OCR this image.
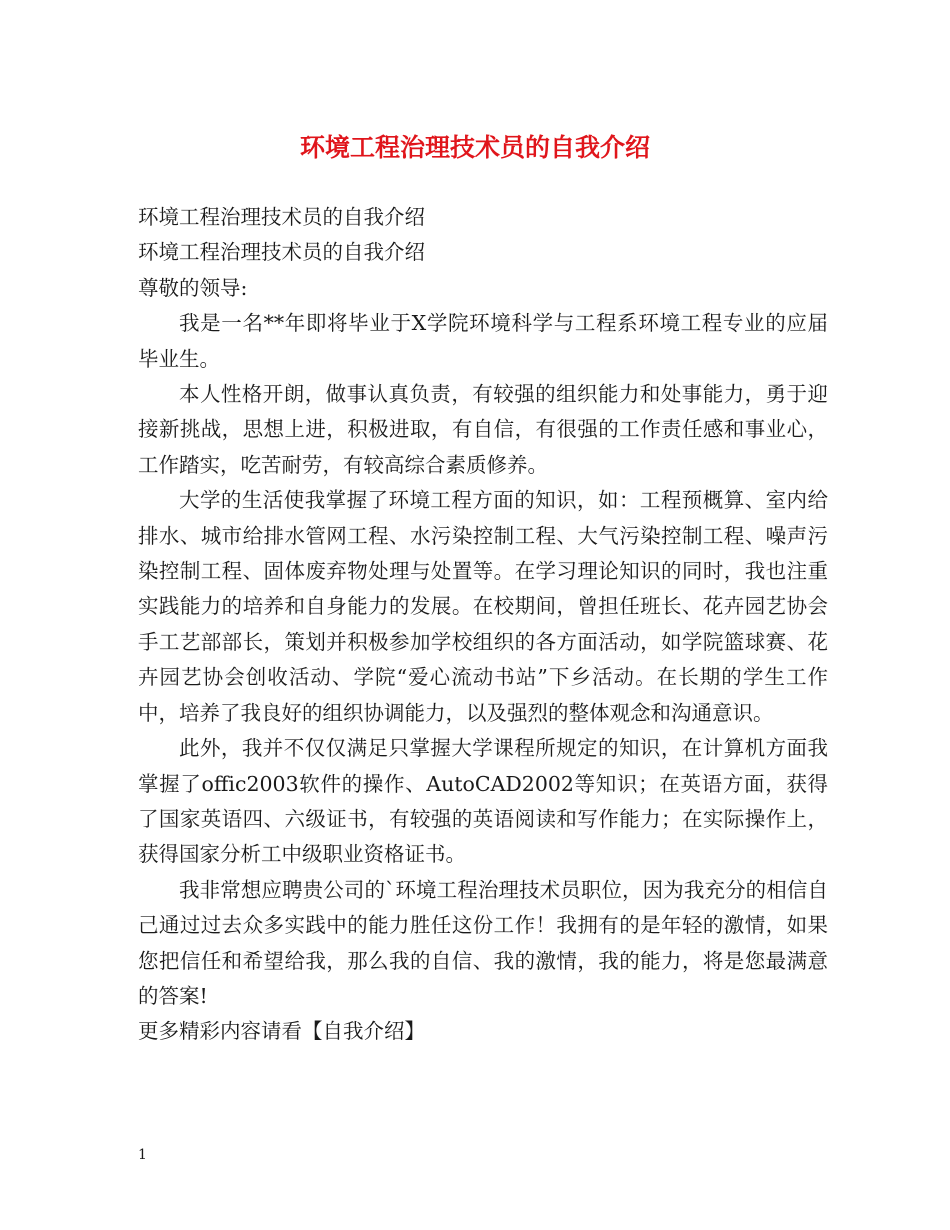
环境工程治理技术员的自我介绍

环境工程治理技术员的自我介绍

环境工程治理技术员的自我介绍

尊敬的领导:

我是一名**年即将毕业于X学院环境科学与工程系环境工程专业的应届毕业生。

本人性格开朗，做事认真负责，有较强的组织能力和处事能力，勇于迎接新挑战，思想上进，积极进取，有自信，有很强的工作责任感和事业心，工作踏实，吃苦耐劳，有较高综合素质修养。

大学的生活使我掌握了环境工程方面的知识，如：工程预概算、室内给排水、城市给排水管网工程、水污染控制工程、大气污染控制工程、噪声污染控制工程、固体废弃物处理与处置等。在学习理论知识的同时，我也注重实践能力的培养和自身能力的发展。在校期间，曾担任班长、花卉园艺协会手工艺部部长，策划并积极参加学校组织的各方面活动，如学院篮球赛、花卉园艺协会创收活动、学院“爱心流动书站”下乡活动。在长期的学生工作中，培养了我良好的组织协调能力，以及强烈的整体观念和沟通意识。

此外，我并不仅仅满足只掌握大学课程所规定的知识，在计算机方面我掌握了offic2003软件的操作、AutoCAD2002等知识；在英语方面，获得了国家英语四、六级证书，有较强的英语阅读和写作能力；在实际操作上，获得国家分析工中级职业资格证书。

我非常想应聘贵公司的`环境工程治理技术员职位，因为我充分的相信自己通过过去众多实践中的能力胜任这份工作！我拥有的是年轻的激情，如果您把信任和希望给我，那么我的自信、我的激情，我的能力，将是您最满意的答案!

更多精彩内容请看【自我介绍】

1
